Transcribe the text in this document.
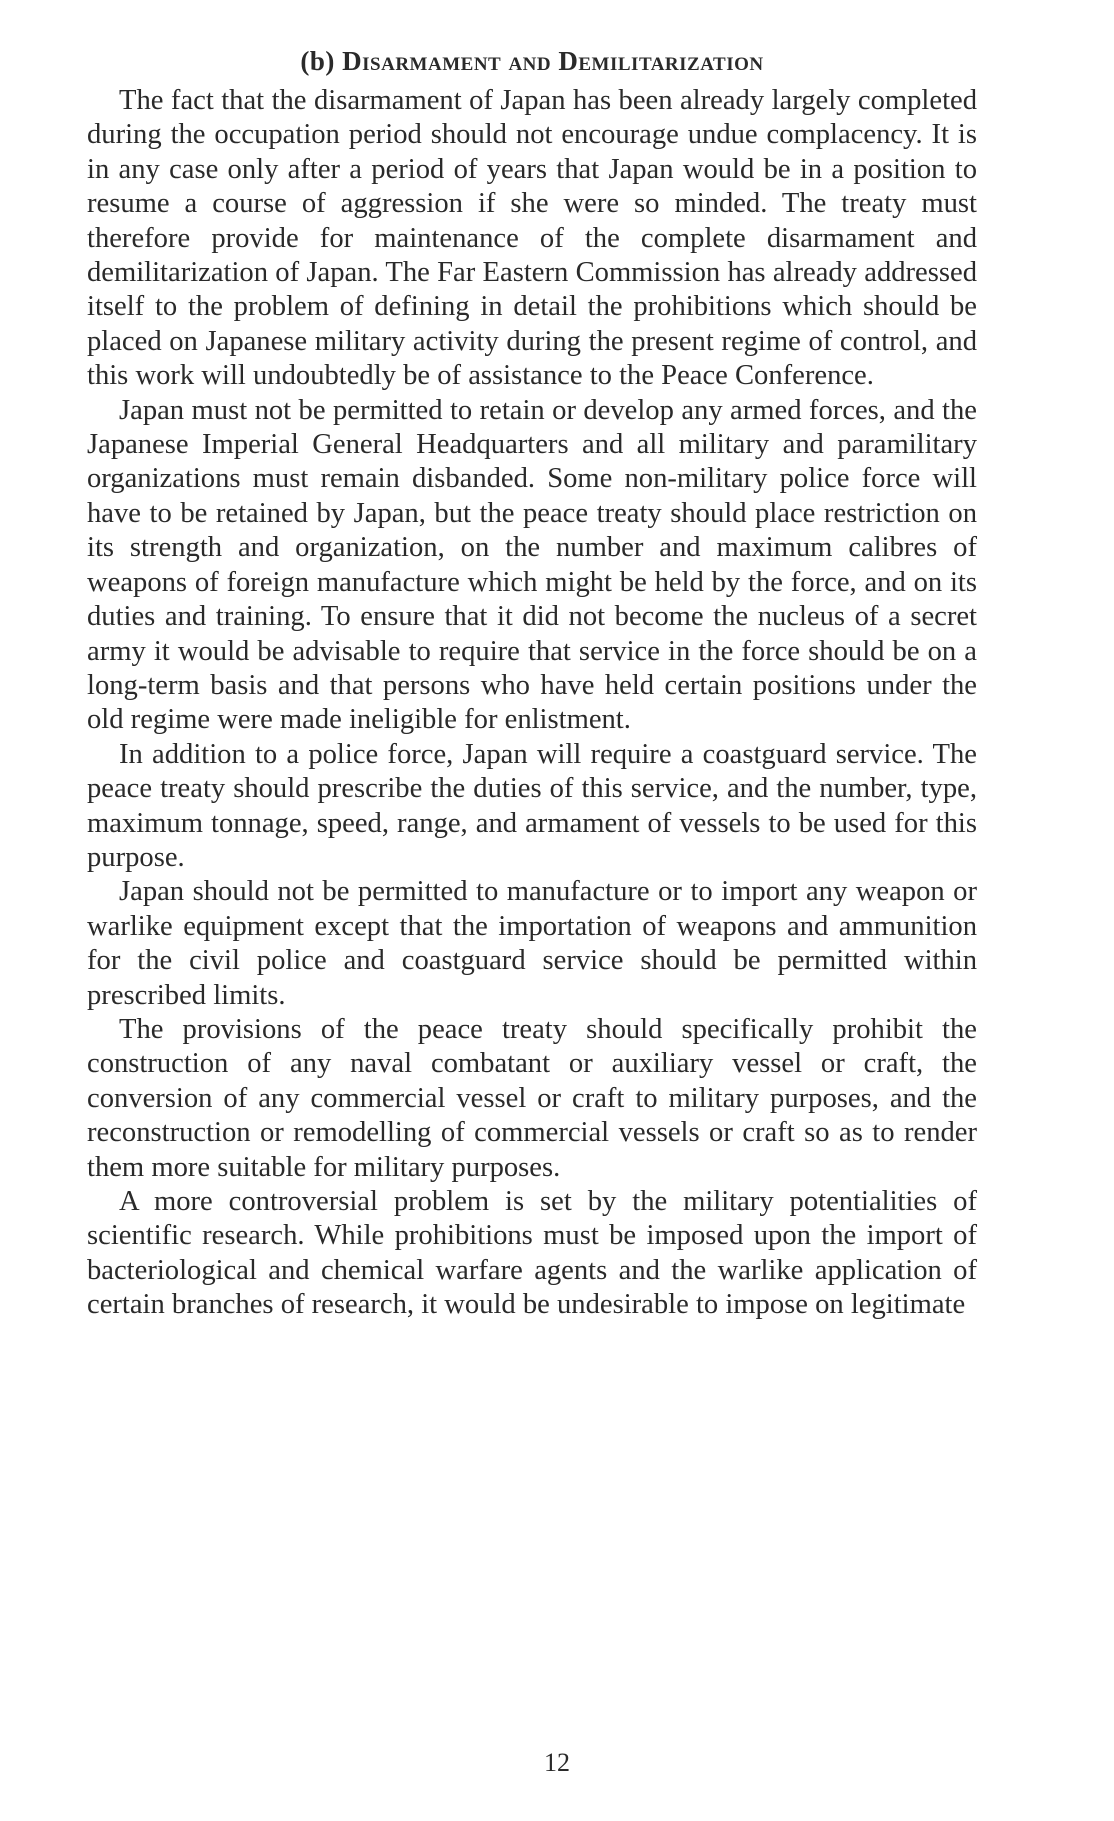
(b) Disarmament and Demilitarization

The fact that the disarmament of Japan has been already largely completed during the occupation period should not encourage undue complacency. It is in any case only after a period of years that Japan would be in a position to resume a course of aggression if she were so minded. The treaty must therefore provide for maintenance of the complete disarmament and demilitarization of Japan. The Far Eastern Commission has already addressed itself to the problem of defining in detail the prohibitions which should be placed on Japanese military activity during the present regime of control, and this work will undoubtedly be of assistance to the Peace Conference.

Japan must not be permitted to retain or develop any armed forces, and the Japanese Imperial General Headquarters and all military and paramilitary organizations must remain disbanded. Some non-military police force will have to be retained by Japan, but the peace treaty should place restriction on its strength and organization, on the number and maximum calibres of weapons of foreign manufacture which might be held by the force, and on its duties and training. To ensure that it did not become the nucleus of a secret army it would be advisable to require that service in the force should be on a long-term basis and that persons who have held certain positions under the old regime were made ineligible for enlistment.

In addition to a police force, Japan will require a coastguard service. The peace treaty should prescribe the duties of this service, and the number, type, maximum tonnage, speed, range, and armament of vessels to be used for this purpose.

Japan should not be permitted to manufacture or to import any weapon or warlike equipment except that the importation of weapons and ammunition for the civil police and coastguard service should be permitted within prescribed limits.

The provisions of the peace treaty should specifically prohibit the construction of any naval combatant or auxiliary vessel or craft, the conversion of any commercial vessel or craft to military purposes, and the reconstruction or remodelling of commercial vessels or craft so as to render them more suitable for military purposes.

A more controversial problem is set by the military potentialities of scientific research. While prohibitions must be imposed upon the import of bacteriological and chemical warfare agents and the warlike application of certain branches of research, it would be undesirable to impose on legitimate

12
